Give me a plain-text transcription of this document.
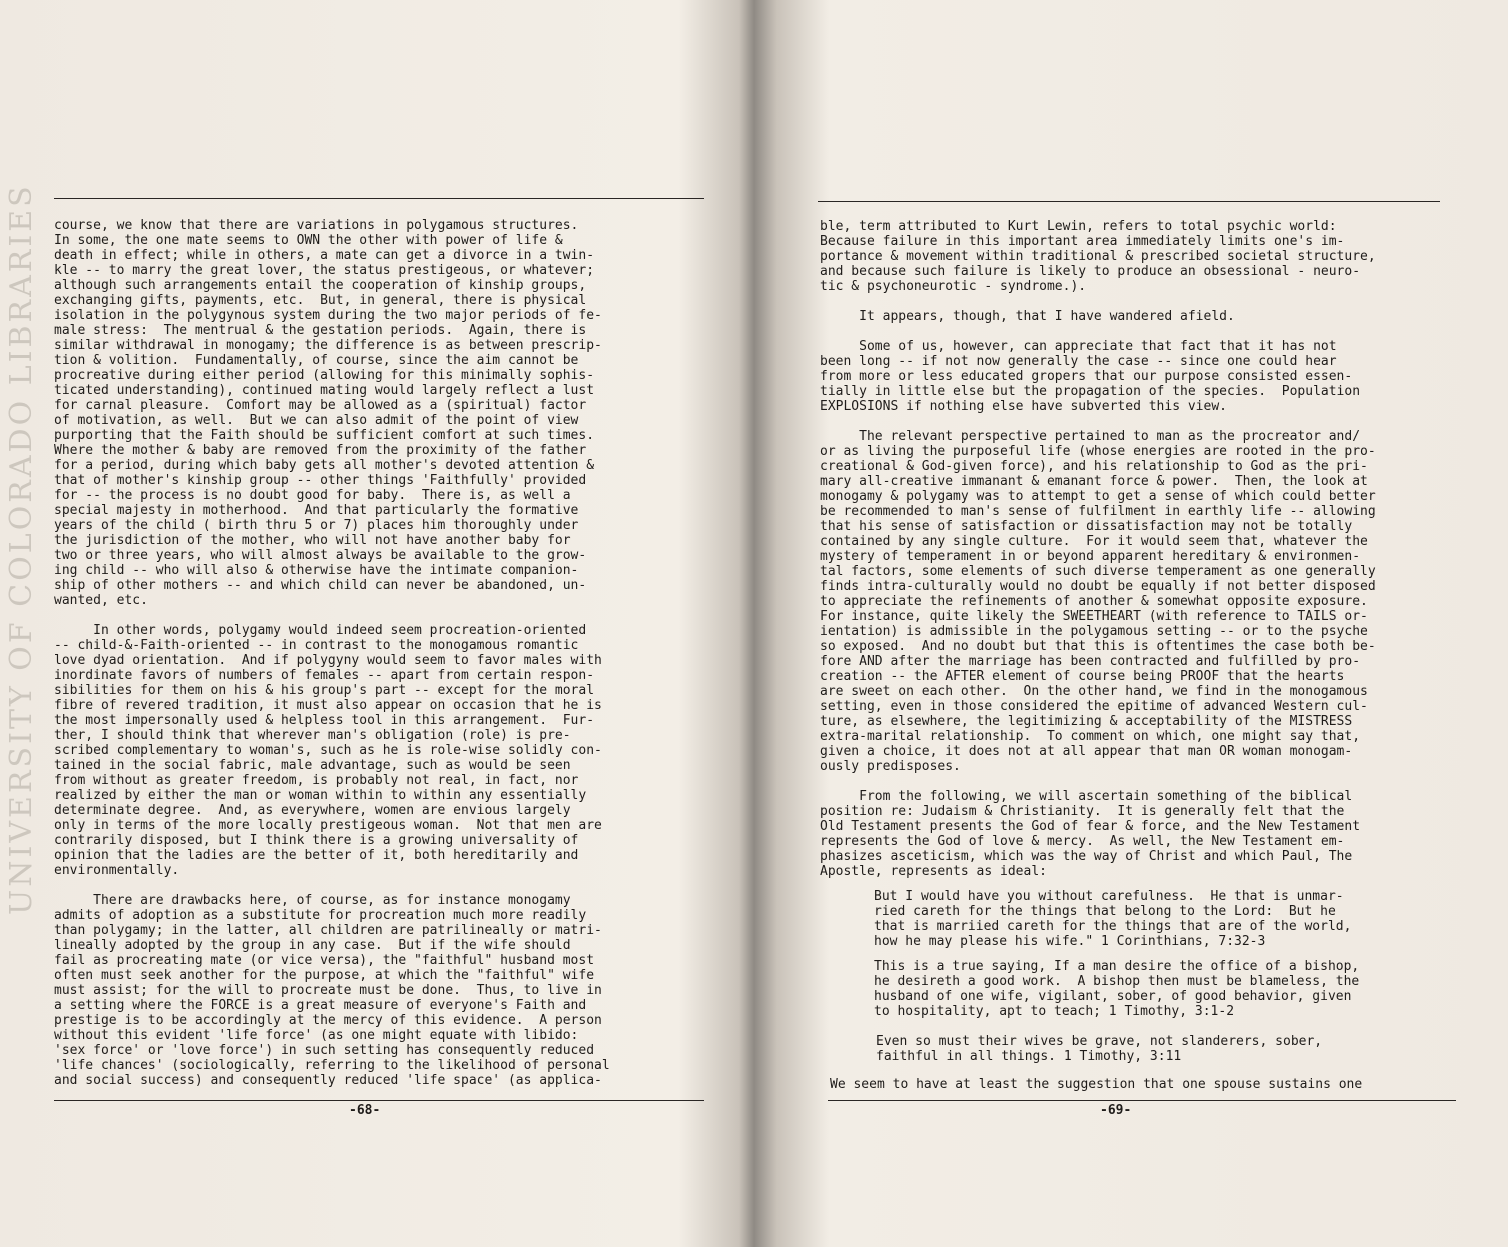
UNIVERSITY OF COLORADO LIBRARIES course, we know that there are variations in polygamous structures.
In some, the one mate seems to OWN the other with power of life &
death in effect; while in others, a mate can get a divorce in a twin-
kle -- to marry the great lover, the status prestigeous, or whatever;
although such arrangements entail the cooperation of kinship groups,
exchanging gifts, payments, etc.  But, in general, there is physical
isolation in the polygynous system during the two major periods of fe-
male stress:  The mentrual & the gestation periods.  Again, there is
similar withdrawal in monogamy; the difference is as between prescrip-
tion & volition.  Fundamentally, of course, since the aim cannot be
procreative during either period (allowing for this minimally sophis-
ticated understanding), continued mating would largely reflect a lust
for carnal pleasure.  Comfort may be allowed as a (spiritual) factor
of motivation, as well.  But we can also admit of the point of view
purporting that the Faith should be sufficient comfort at such times.
Where the mother & baby are removed from the proximity of the father
for a period, during which baby gets all mother's devoted attention &
that of mother's kinship group -- other things 'Faithfully' provided
for -- the process is no doubt good for baby.  There is, as well a
special majesty in motherhood.  And that particularly the formative
years of the child ( birth thru 5 or 7) places him thoroughly under
the jurisdiction of the mother, who will not have another baby for
two or three years, who will almost always be available to the grow-
ing child -- who will also & otherwise have the intimate companion-
ship of other mothers -- and which child can never be abandoned, un-
wanted, etc.

In other words, polygamy would indeed seem procreation-oriented
-- child-&-Faith-oriented -- in contrast to the monogamous romantic
love dyad orientation.  And if polygyny would seem to favor males with
inordinate favors of numbers of females -- apart from certain respon-
sibilities for them on his & his group's part -- except for the moral
fibre of revered tradition, it must also appear on occasion that he is
the most impersonally used & helpless tool in this arrangement.  Fur-
ther, I should think that wherever man's obligation (role) is pre-
scribed complementary to woman's, such as he is role-wise solidly con-
tained in the social fabric, male advantage, such as would be seen
from without as greater freedom, is probably not real, in fact, nor
realized by either the man or woman within to within any essentially
determinate degree.  And, as everywhere, women are envious largely
only in terms of the more locally prestigeous woman.  Not that men are
contrarily disposed, but I think there is a growing universality of
opinion that the ladies are the better of it, both hereditarily and
environmentally.

There are drawbacks here, of course, as for instance monogamy
admits of adoption as a substitute for procreation much more readily
than polygamy; in the latter, all children are patrilineally or matri-
lineally adopted by the group in any case.  But if the wife should
fail as procreating mate (or vice versa), the "faithful" husband most
often must seek another for the purpose, at which the "faithful" wife
must assist; for the will to procreate must be done.  Thus, to live in
a setting where the FORCE is a great measure of everyone's Faith and
prestige is to be accordingly at the mercy of this evidence.  A person
without this evident 'life force' (as one might equate with libido:
'sex force' or 'love force') in such setting has consequently reduced
'life chances' (sociologically, referring to the likelihood of personal
and social success) and consequently reduced 'life space' (as applica-
-68-
ble, term attributed to Kurt Lewin, refers to total psychic world:
Because failure in this important area immediately limits one's im-
portance & movement within traditional & prescribed societal structure,
and because such failure is likely to produce an obsessional - neuro-
tic & psychoneurotic - syndrome.).

It appears, though, that I have wandered afield.

Some of us, however, can appreciate that fact that it has not
been long -- if not now generally the case -- since one could hear
from more or less educated gropers that our purpose consisted essen-
tially in little else but the propagation of the species.  Population
EXPLOSIONS if nothing else have subverted this view.

The relevant perspective pertained to man as the procreator and/
or as living the purposeful life (whose energies are rooted in the pro-
creational & God-given force), and his relationship to God as the pri-
mary all-creative immanant & emanant force & power.  Then, the look at
monogamy & polygamy was to attempt to get a sense of which could better
be recommended to man's sense of fulfilment in earthly life -- allowing
that his sense of satisfaction or dissatisfaction may not be totally
contained by any single culture.  For it would seem that, whatever the
mystery of temperament in or beyond apparent hereditary & environmen-
tal factors, some elements of such diverse temperament as one generally
finds intra-culturally would no doubt be equally if not better disposed
to appreciate the refinements of another & somewhat opposite exposure.
For instance, quite likely the SWEETHEART (with reference to TAILS or-
ientation) is admissible in the polygamous setting -- or to the psyche
so exposed.  And no doubt but that this is oftentimes the case both be-
fore AND after the marriage has been contracted and fulfilled by pro-
creation -- the AFTER element of course being PROOF that the hearts
are sweet on each other.  On the other hand, we find in the monogamous
setting, even in those considered the epitime of advanced Western cul-
ture, as elsewhere, the legitimizing & acceptability of the MISTRESS
extra-marital relationship.  To comment on which, one might say that,
given a choice, it does not at all appear that man OR woman monogam-
ously predisposes.

From the following, we will ascertain something of the biblical
position re: Judaism & Christianity.  It is generally felt that the
Old Testament presents the God of fear & force, and the New Testament
represents the God of love & mercy.  As well, the New Testament em-
phasizes asceticism, which was the way of Christ and which Paul, The
Apostle, represents as ideal:
But I would have you without carefulness.  He that is unmar-
ried careth for the things that belong to the Lord:  But he
that is marriied careth for the things that are of the world,
how he may please his wife." 1 Corinthians, 7:32-3
This is a true saying, If a man desire the office of a bishop,
he desireth a good work.  A bishop then must be blameless, the
husband of one wife, vigilant, sober, of good behavior, given
to hospitality, apt to teach; 1 Timothy, 3:1-2
Even so must their wives be grave, not slanderers, sober,
faithful in all things. 1 Timothy, 3:11
We seem to have at least the suggestion that one spouse sustains one
-69-
